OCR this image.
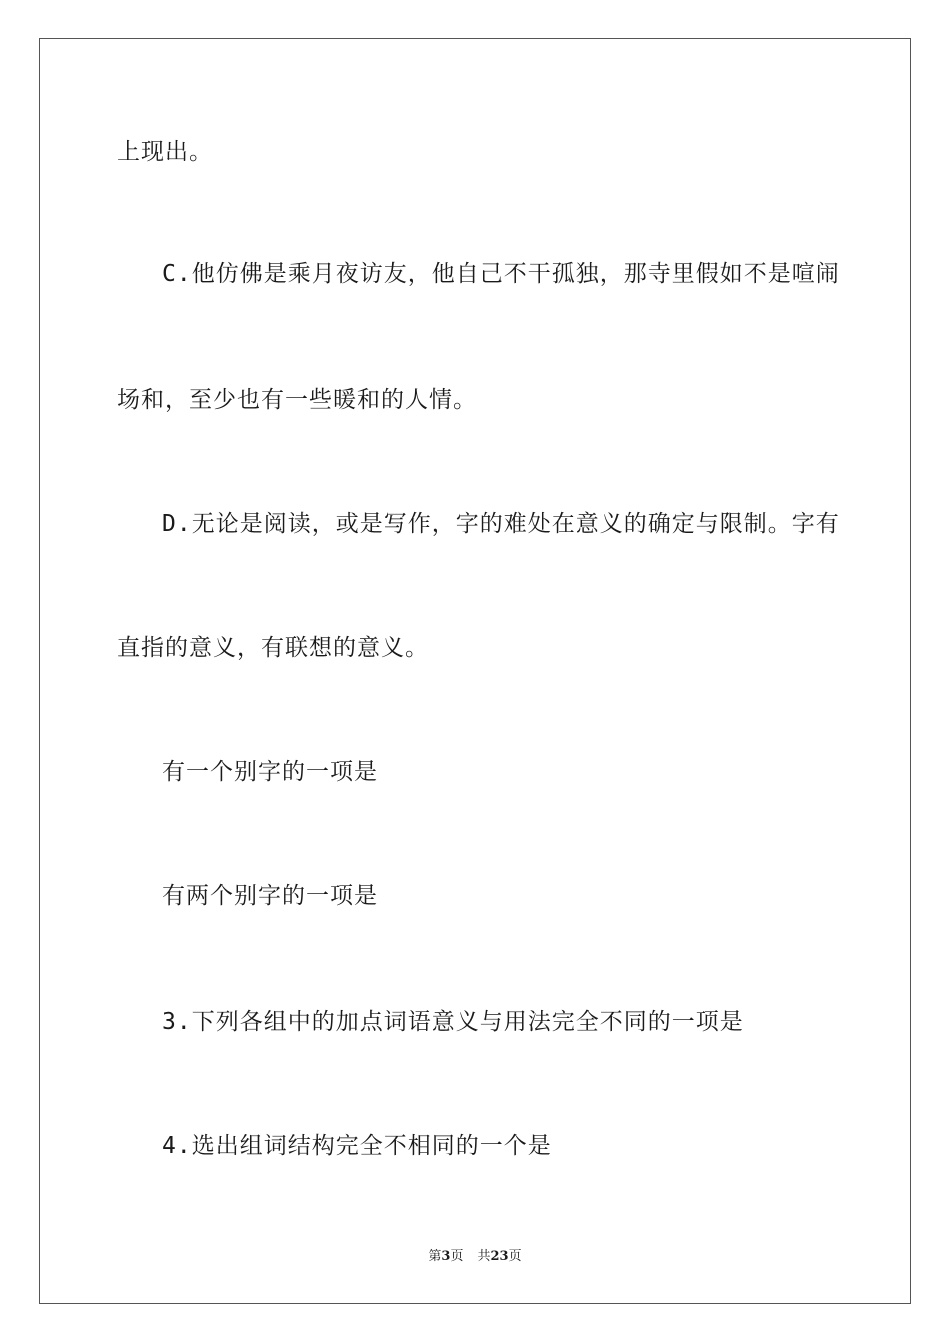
上现出。
C.他仿佛是乘月夜访友，他自己不干孤独，那寺里假如不是喧闹
场和，至少也有一些暖和的人情。
D.无论是阅读，或是写作，字的难处在意义的确定与限制。字有
直指的意义，有联想的意义。
有一个别字的一项是
有两个别字的一项是
3.下列各组中的加点词语意义与用法完全不同的一项是
4.选出组词结构完全不相同的一个是
第3页 共23页
